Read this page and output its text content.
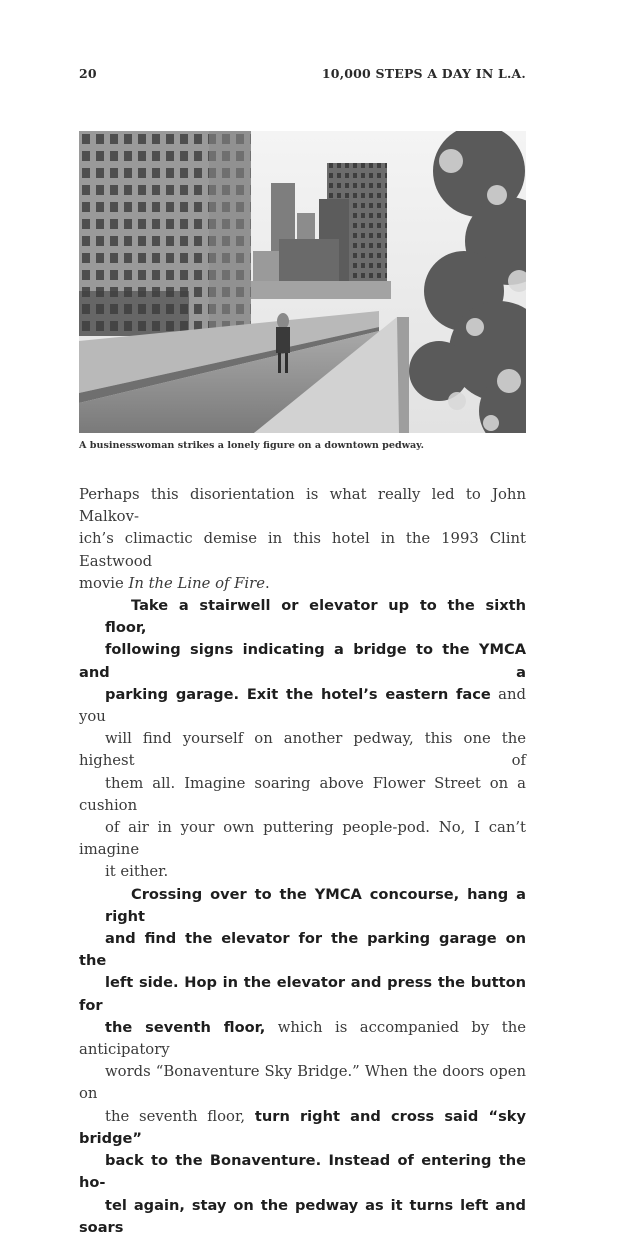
20	10,000 STEPS A DAY IN L.A.
A businesswoman strikes a lonely figure on a downtown pedway.

Perhaps this disorientation is what really led to John Malkov-
ich’s climactic demise in this hotel in the 1993 Clint Eastwood
movie In the Line of Fire.

Take a stairwell or elevator up to the sixth floor,
following signs indicating a bridge to the YMCA and a
parking garage. Exit the hotel’s eastern face and you
will find yourself on another pedway, this one the highest of
them all. Imagine soaring above Flower Street on a cushion
of air in your own puttering people-pod. No, I can’t imagine
it either.

Crossing over to the YMCA concourse, hang a right
and find the elevator for the parking garage on the
left side. Hop in the elevator and press the button for
the seventh floor, which is accompanied by the anticipatory
words “Bonaventure Sky Bridge.” When the doors open on
the seventh floor, turn right and cross said “sky bridge”
back to the Bonaventure. Instead of entering the ho-
tel again, stay on the pedway as it turns left and soars
